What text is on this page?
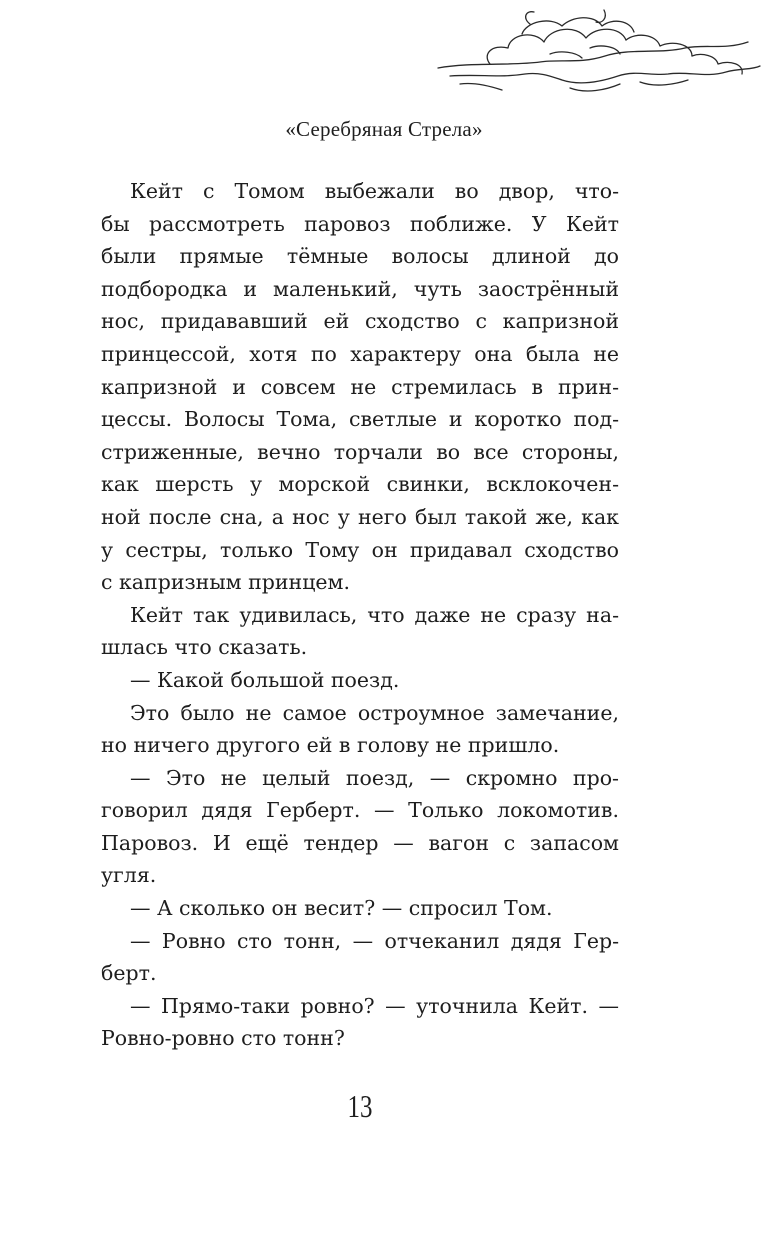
«Серебряная Стрела»
Кейт с Томом выбежали во двор, что-
бы рассмотреть паровоз поближе. У Кейт
были прямые тёмные волосы длиной до
подбородка и маленький, чуть заострённый
нос, придававший ей сходство с капризной
принцессой, хотя по характеру она была не
капризной и совсем не стремилась в прин-
цессы. Волосы Тома, светлые и коротко под-
стриженные, вечно торчали во все стороны,
как шерсть у морской свинки, всклокочен-
ной после сна, а нос у него был такой же, как
у сестры, только Тому он придавал сходство
с капризным принцем.
Кейт так удивилась, что даже не сразу на-
шлась что сказать.
— Какой большой поезд.
Это было не самое остроумное замечание,
но ничего другого ей в голову не пришло.
— Это не целый поезд, — скромно про-
говорил дядя Герберт. — Только локомотив.
Паровоз. И ещё тендер — вагон с запасом
угля.
— А сколько он весит? — спросил Том.
— Ровно сто тонн, — отчеканил дядя Гер-
берт.
— Прямо-таки ровно? — уточнила Кейт. —
Ровно-ровно сто тонн?
13
